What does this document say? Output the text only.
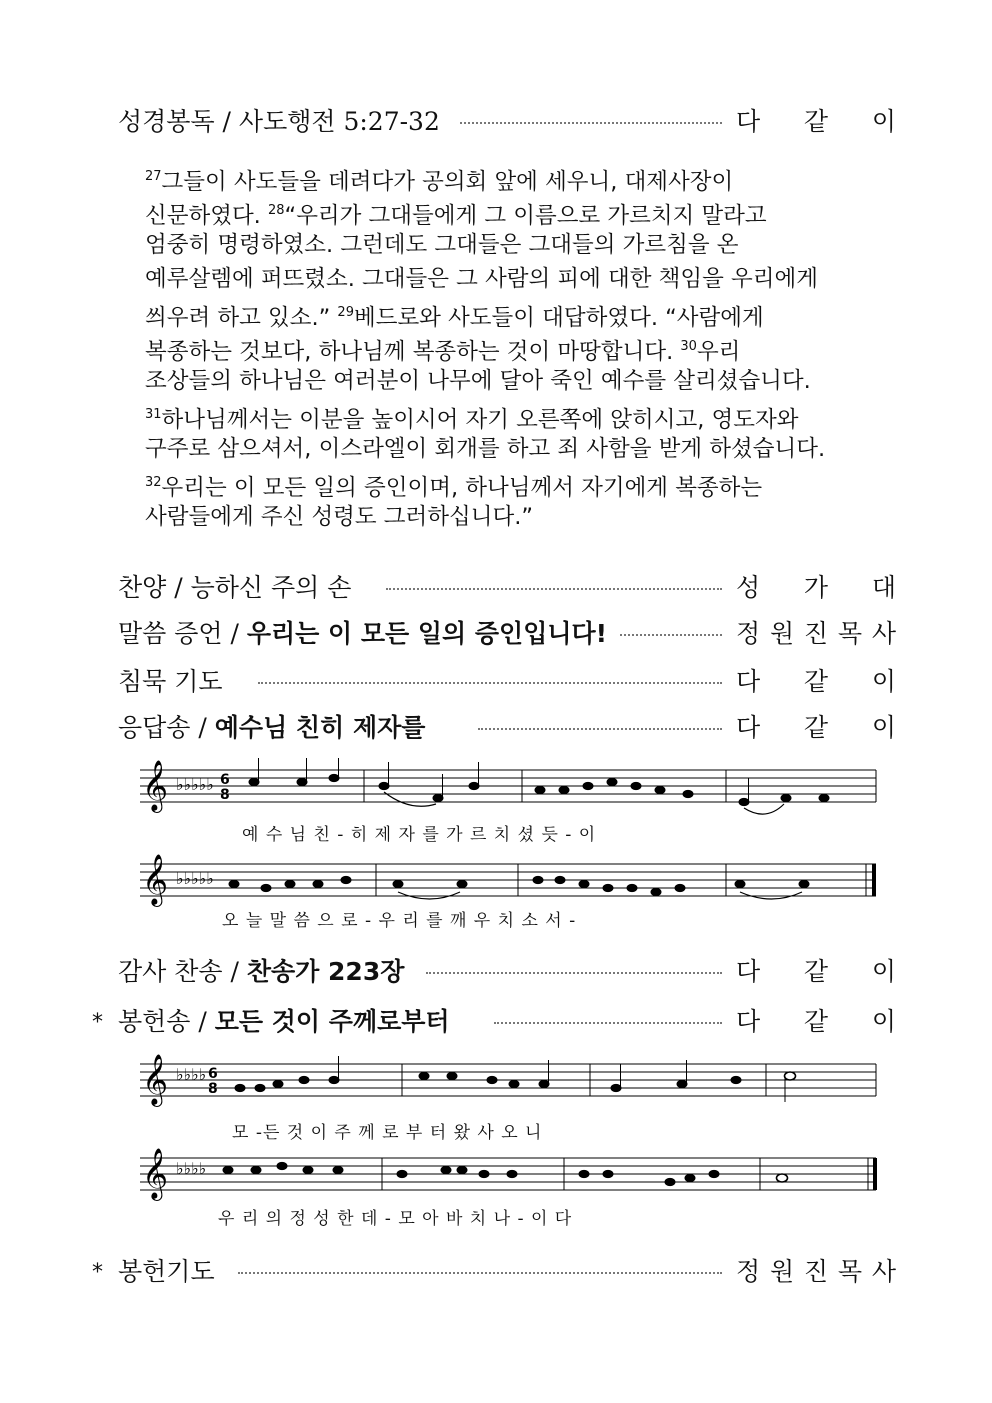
성경봉독 / 사도행전 5:27-32	다 같 이
$^{27}$그들이 사도들을 데려다가 공의회 앞에 세우니, 대제사장이
신문하였다. $^{28}$“우리가 그대들에게 그 이름으로 가르치지 말라고
엄중히 명령하였소. 그런데도 그대들은 그대들의 가르침을 온
예루살렘에 퍼뜨렸소. 그대들은 그 사람의 피에 대한 책임을 우리에게
씌우려 하고 있소.” $^{29}$베드로와 사도들이 대답하였다. “사람에게
복종하는 것보다, 하나님께 복종하는 것이 마땅합니다. $^{30}$우리
조상들의 하나님은 여러분이 나무에 달아 죽인 예수를 살리셨습니다.
$^{31}$하나님께서는 이분을 높이시어 자기 오른쪽에 앉히시고, 영도자와
구주로 삼으셔서, 이스라엘이 회개를 하고 죄 사함을 받게 하셨습니다.
$^{32}$우리는 이 모든 일의 증인이며, 하나님께서 자기에게 복종하는
사람들에게 주신 성령도 그러하십니다.”
찬양 / 능하신 주의 손	성 가 대
말씀 증언 / 우리는 이 모든 일의 증인입니다!	정 원 진 목 사
침묵 기도	다 같 이
응답송 / 예수님 친히 제자를	다 같 이
𝄞 ♭♭♭♭♭ 6
8
𝄞 ♭♭♭♭♭
예 수 님 친 - 히 제 자 를 가 르 치 셨 듯 - 이
오 늘 말 씀 으 로 - 우 리 를 깨 우 치 소 서 -
감사 찬송 / 찬송가 223장	다 같 이
* 봉헌송 / 모든 것이 주께로부터	다 같 이
𝄞 ♭♭♭♭ 6
8
𝄞 ♭♭♭♭
모 -든 것 이 주 께 로 부 터 왔 사 오 니
우 리 의 정 성 한 데 - 모 아 바 치 나 - 이 다
* 봉헌기도	정 원 진 목 사
